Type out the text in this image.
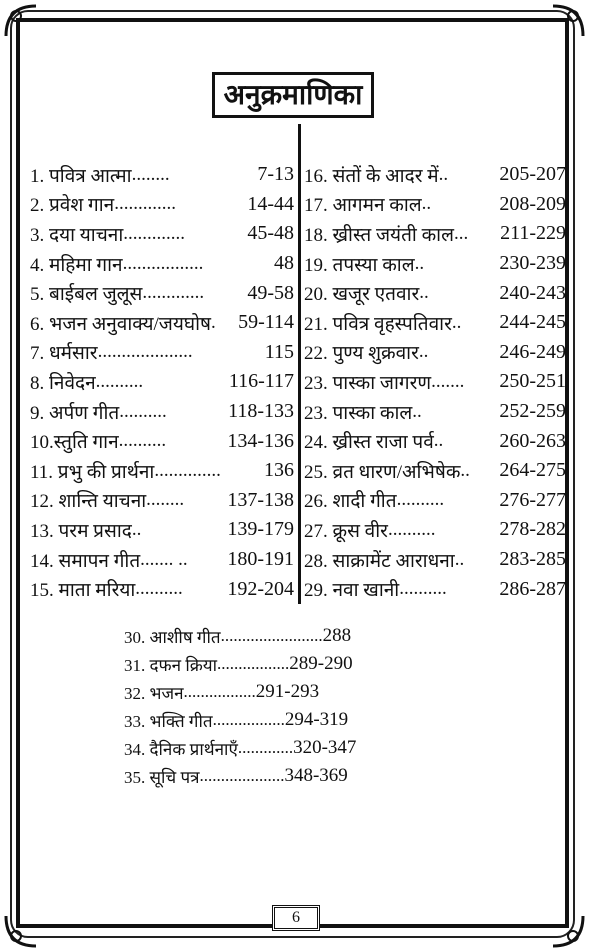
अनुक्रमाणिका
1. पवित्र आत्मा ........	7-13
2. प्रवेश गान .............	14-44
3. दया याचना .............	45-48
4. महिमा गान .................	48
5. बाईबल जुलूस .............	49-58
6. भजन अनुवाक्य/जयघोष .	59-114
7. धर्मसार ....................	115
8. निवेदन ..........	116-117
9. अर्पण गीत ..........	118-133
10.स्तुति गान ..........	134-136
11. प्रभु की प्रार्थना ..............	136
12. शान्ति याचना ........	137-138
13. परम प्रसाद ..	139-179
14. समापन गीत ....... ..	180-191
15. माता मरिया ..........	192-204
16. संतों के आदर में ..	205-207
17. आगमन काल ..	208-209
18. ख्रीस्त जयंती काल ...	211-229
19. तपस्या काल ..	230-239
20. खजूर एतवार ..	240-243
21. पवित्र वृहस्पतिवार ..	244-245
22. पुण्य शुक्रवार ..	246-249
23. पास्का जागरण .......	250-251
23. पास्का काल ..	252-259
24. ख्रीस्त राजा पर्व ..	260-263
25. व्रत धारण/अभिषेक ..	264-275
26. शादी गीत ..........	276-277
27. क्रूस वीर ..........	278-282
28. साक्रामेंट आराधना ..	283-285
29. नवा खानी ..........	286-287
30. आशीष गीत ........................ 288
31. दफन क्रिया ................. 289-290
32. भजन ................. 291-293
33. भक्ति गीत ................. 294-319
34. दैनिक प्रार्थनाएँ ............. 320-347
35. सूचि पत्र .................... 348-369
6
